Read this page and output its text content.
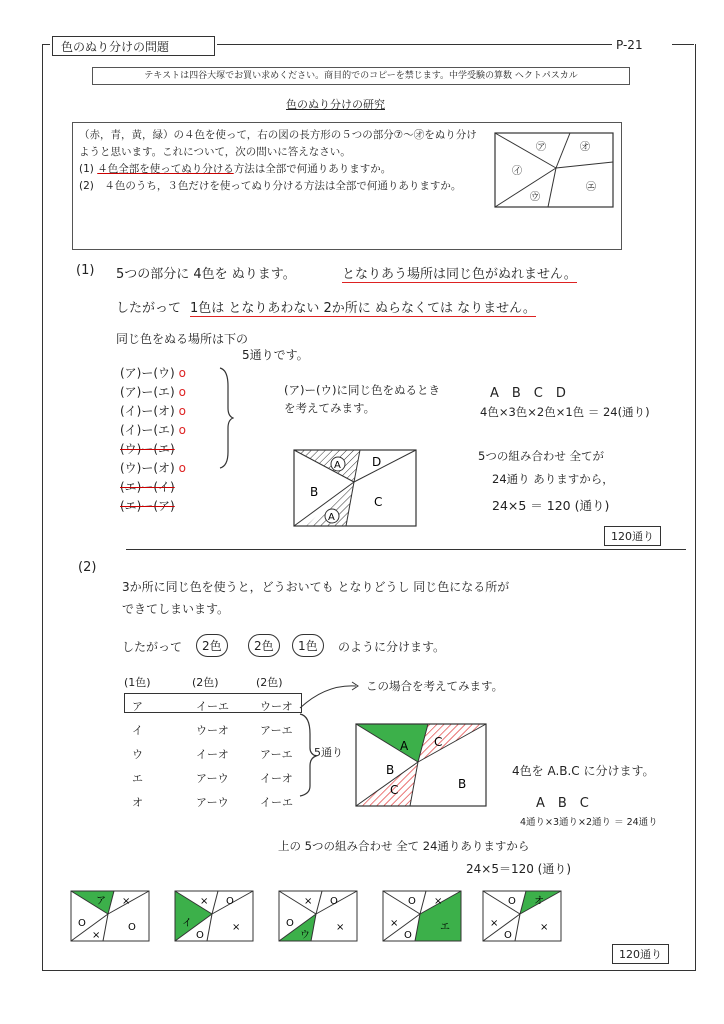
色のぬり分けの問題	P-21
テキストは四谷大塚でお買い求めください。商目的でのコピーを禁じます。中学受験の算数 ヘクトパスカル
色のぬり分けの研究

（赤，青，黄，緑）の４色を使って，右の図の長方形の５つの部分⑦〜㋔をぬり分けようと思います。これについて，次の問いに答えなさい。

(1) ４色全部を使ってぬり分ける方法は全部で何通りありますか。

(2)　４色のうち，３色だけを使ってぬり分ける方法は全部で何通りありますか。

㋐
㋑
㋒
㋓
㋔
(1) 5つの部分に 4色を ぬります。	となりあう場所は同じ色がぬれません。
したがって 1色は となりあわない 2か所に ぬらなくては なりません。
同じ色をぬる場所は下の
5通りです。
(ア)ー(ウ) o
(ア)ー(エ) o
(イ)ー(オ) o
(イ)ー(エ) o
(ウ)ー(エ)
(ウ)ー(オ) o
(エ)ー(イ)
(エ)ー(ア)
(ア)ー(ウ)に同じ色をぬるとき
を考えてみます。
A　B　C　D
4色×3色×2色×1色 ＝ 24(通り)
A	D
B
C
A
5つの組み合わせ 全てが
24通り ありますから，
24×5 ＝ 120 (通り)
120通り
(2)
3か所に同じ色を使うと，どうおいても となりどうし 同じ色になる所が
できてしまいます。
したがって	2色	2色	1色	のように分けます。
(1色)	(2色)	(2色)
ア	イーエ	ウーオ
イ	ウーオ	アーエ
ウ	イーオ	アーエ
エ	アーウ	イーオ
オ	アーウ	イーエ
この場合を考えてみます。
5通り	A C
B
B
C
4色を A.B.C に分けます。
A　B　C
4通り×3通り×2通り ＝ 24通り
上の 5つの組み合わせ 全て 24通りありますから
24×5＝120 (通り)
ア ×
O
×
O
× O
イ
O
×
× O
O
ウ
×
O ×
×
O
エ
O オ
×
O
×
120通り
